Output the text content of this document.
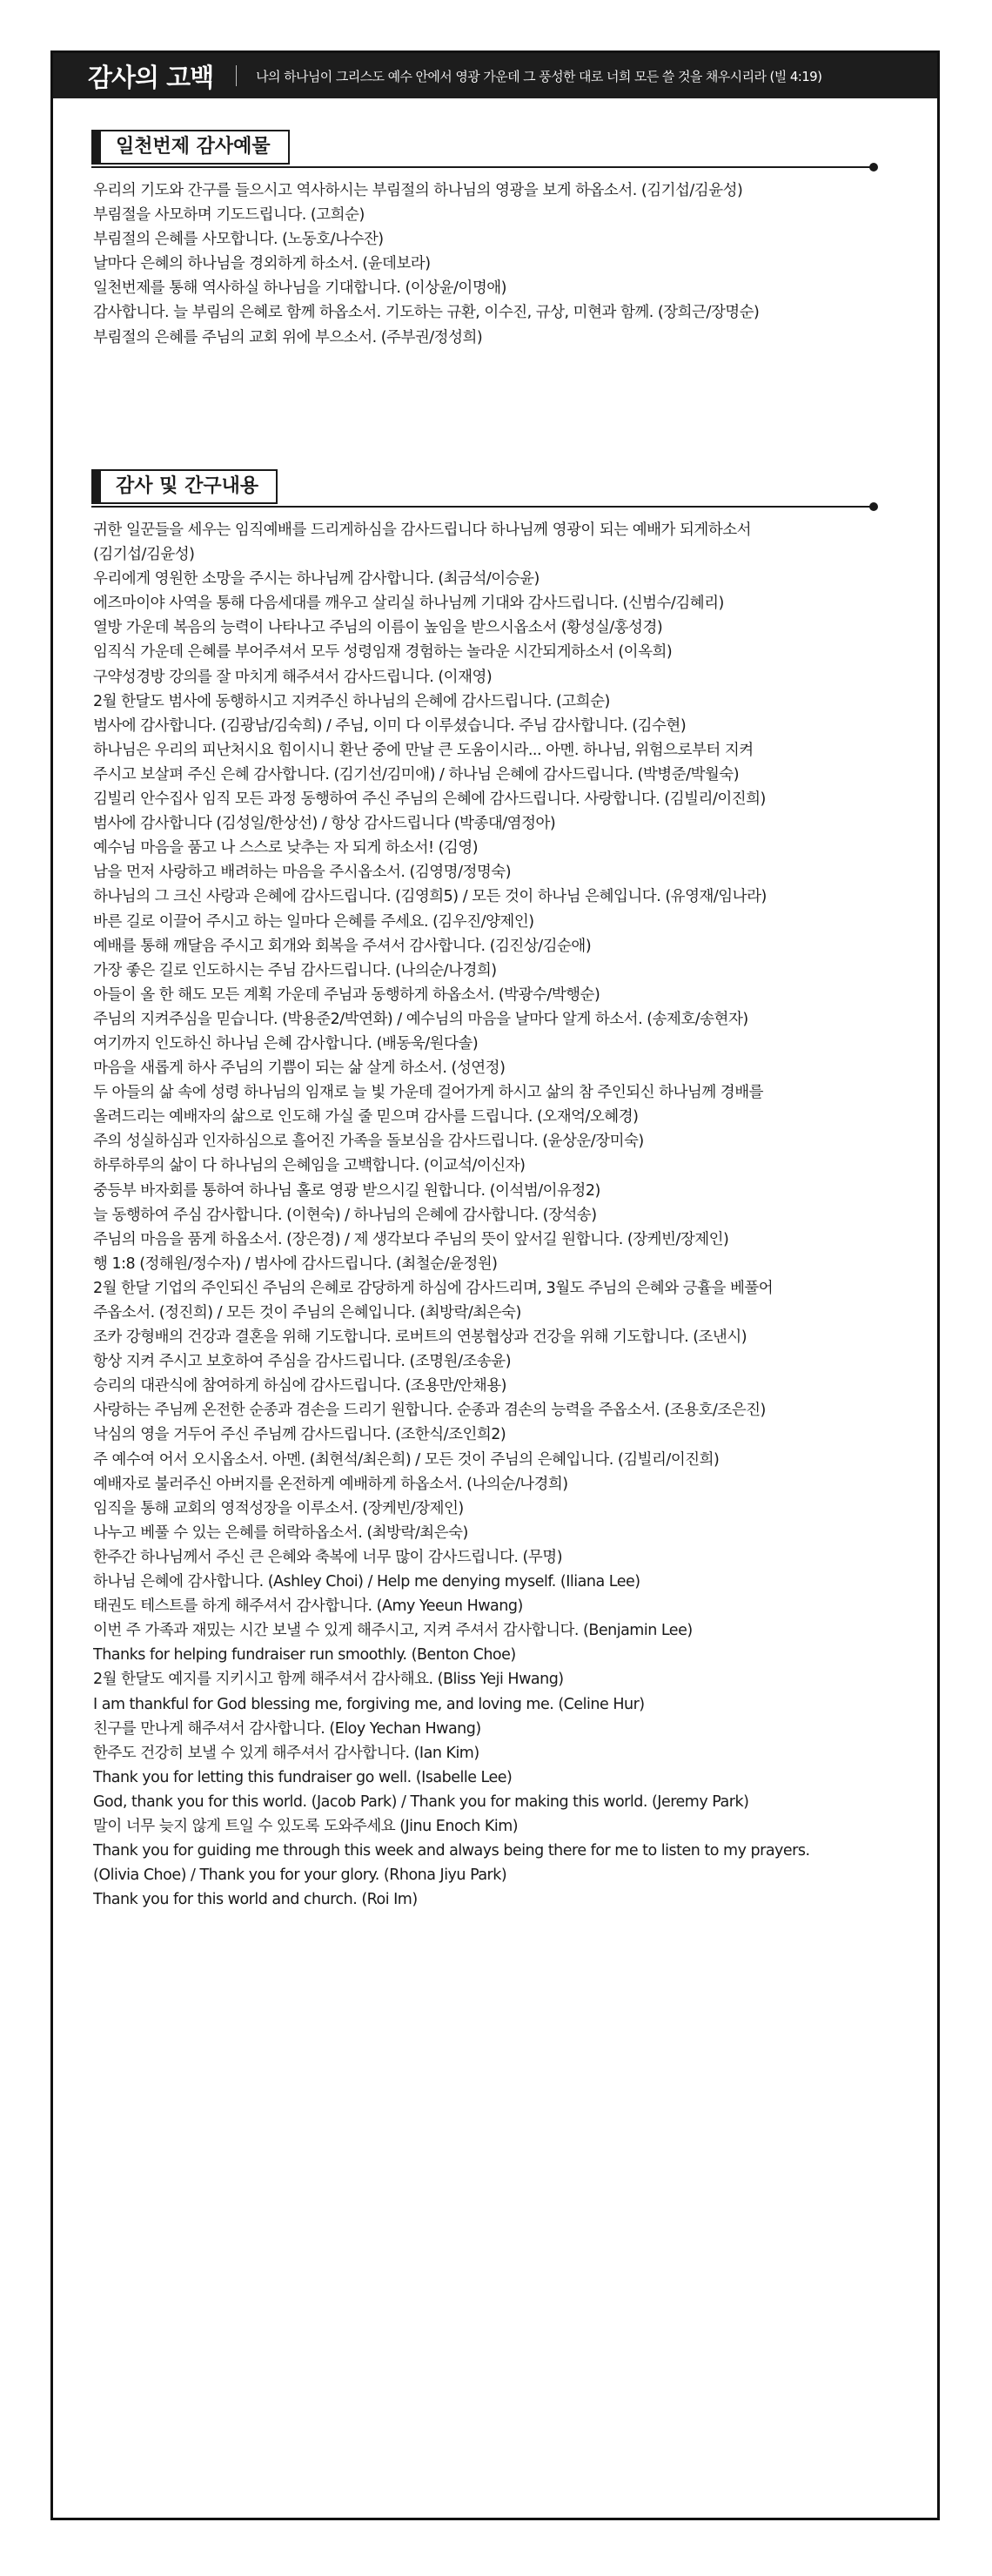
감사의 고백	나의 하나님이 그리스도 예수 안에서 영광 가운데 그 풍성한 대로 너희 모든 쓸 것을 채우시리라 (빌 4:19)
일천번제 감사예물
우리의 기도와 간구를 들으시고 역사하시는 부림절의 하나님의 영광을 보게 하옵소서. (김기섭/김윤성)
부림절을 사모하며 기도드립니다. (고희순)
부림절의 은혜를 사모합니다. (노동호/나수잔)
날마다 은혜의 하나님을 경외하게 하소서. (윤데보라)
일천번제를 통해 역사하실 하나님을 기대합니다. (이상윤/이명애)
감사합니다. 늘 부림의 은혜로 함께 하옵소서. 기도하는 규환, 이수진, 규상, 미현과 함께. (장희근/장명순)
부림절의 은혜를 주님의 교회 위에 부으소서. (주부권/정성희)
감사 및 간구내용
귀한 일꾼들을 세우는 임직예배를 드리게하심을 감사드립니다 하나님께 영광이 되는 예배가 되게하소서
(김기섭/김윤성)
우리에게 영원한 소망을 주시는 하나님께 감사합니다. (최금석/이승윤)
에즈마이야 사역을 통해 다음세대를 깨우고 살리실 하나님께 기대와 감사드립니다. (신범수/김혜리)
열방 가운데 복음의 능력이 나타나고 주님의 이름이 높임을 받으시옵소서 (황성실/홍성경)
임직식 가운데 은혜를 부어주셔서 모두 성령임재 경험하는 놀라운 시간되게하소서 (이옥희)
구약성경방 강의를 잘 마치게 해주셔서 감사드립니다. (이재영)
2월 한달도 범사에 동행하시고 지켜주신 하나님의 은혜에 감사드립니다. (고희순)
범사에 감사합니다. (김광남/김숙희) / 주님, 이미 다 이루셨습니다. 주님 감사합니다. (김수현)
하나님은 우리의 피난처시요 힘이시니 환난 중에 만날 큰 도움이시라... 아멘. 하나님, 위험으로부터 지켜
주시고 보살펴 주신 은혜 감사합니다. (김기선/김미애) / 하나님 은혜에 감사드립니다. (박병준/박월숙)
김빌리 안수집사 임직 모든 과정 동행하여 주신 주님의 은혜에 감사드립니다. 사랑합니다. (김빌리/이진희)
범사에 감사합니다 (김성일/한상선) / 항상 감사드립니다 (박종대/염정아)
예수님 마음을 품고 나 스스로 낮추는 자 되게 하소서! (김영)
남을 먼저 사랑하고 배려하는 마음을 주시옵소서. (김영명/정명숙)
하나님의 그 크신 사랑과 은혜에 감사드립니다. (김영희5) / 모든 것이 하나님 은혜입니다. (유영재/임나라)
바른 길로 이끌어 주시고 하는 일마다 은혜를 주세요. (김우진/양제인)
예배를 통해 깨달음 주시고 회개와 회복을 주셔서 감사합니다. (김진상/김순애)
가장 좋은 길로 인도하시는 주님 감사드립니다. (나의순/나경희)
아들이 올 한 해도 모든 계획 가운데 주님과 동행하게 하옵소서. (박광수/박행순)
주님의 지켜주심을 믿습니다. (박용준2/박연화) / 예수님의 마음을 날마다 알게 하소서. (송제호/송현자)
여기까지 인도하신 하나님 은혜 감사합니다. (배동욱/원다솔)
마음을 새롭게 하사 주님의 기쁨이 되는 삶 살게 하소서. (성연정)
두 아들의 삶 속에 성령 하나님의 임재로 늘 빛 가운데 걸어가게 하시고 삶의 참 주인되신 하나님께 경배를
올려드리는 예배자의 삶으로 인도해 가실 줄 믿으며 감사를 드립니다. (오재억/오혜경)
주의 성실하심과 인자하심으로 흘어진 가족을 돌보심을 감사드립니다. (윤상운/장미숙)
하루하루의 삶이 다 하나님의 은혜임을 고백합니다. (이교석/이신자)
중등부 바자회를 통하여 하나님 홀로 영광 받으시길 원합니다. (이석범/이유정2)
늘 동행하여 주심 감사합니다. (이현숙) / 하나님의 은혜에 감사합니다. (장석송)
주님의 마음을 품게 하옵소서. (장은경) / 제 생각보다 주님의 뜻이 앞서길 원합니다. (장케빈/장제인)
행 1:8 (정해원/정수자) / 범사에 감사드립니다. (최철순/윤정원)
2월 한달 기업의 주인되신 주님의 은혜로 감당하게 하심에 감사드리며, 3월도 주님의 은혜와 긍휼을 베풀어
주옵소서. (정진희) / 모든 것이 주님의 은혜입니다. (최방락/최은숙)
조카 강형배의 건강과 결혼을 위해 기도합니다. 로버트의 연봉협상과 건강을 위해 기도합니다. (조낸시)
항상 지켜 주시고 보호하여 주심을 감사드립니다. (조명원/조송윤)
승리의 대관식에 참여하게 하심에 감사드립니다. (조용만/안채용)
사랑하는 주님께 온전한 순종과 겸손을 드리기 원합니다. 순종과 겸손의 능력을 주옵소서. (조용호/조은진)
낙심의 영을 거두어 주신 주님께 감사드립니다. (조한식/조인희2)
주 예수여 어서 오시옵소서. 아멘. (최현석/최은희) / 모든 것이 주님의 은혜입니다. (김빌리/이진희)
예배자로 불러주신 아버지를 온전하게 예배하게 하옵소서. (나의순/나경희)
임직을 통해 교회의 영적성장을 이루소서. (장케빈/장제인)
나누고 베풀 수 있는 은혜를 허락하옵소서. (최방락/최은숙)
한주간 하나님께서 주신 큰 은혜와 축복에 너무 많이 감사드립니다. (무명)
하나님 은혜에 감사합니다. (Ashley Choi) / Help me denying myself. (Iliana Lee)
태권도 테스트를 하게 해주셔서 감사합니다. (Amy Yeeun Hwang)
이번 주 가족과 재밌는 시간 보낼 수 있게 해주시고, 지켜 주셔서 감사합니다. (Benjamin Lee)
Thanks for helping fundraiser run smoothly. (Benton Choe)
2월 한달도 예지를 지키시고 함께 해주셔서 감사해요. (Bliss Yeji Hwang)
I am thankful for God blessing me, forgiving me, and loving me. (Celine Hur)
친구를 만나게 해주셔서 감사합니다. (Eloy Yechan Hwang)
한주도 건강히 보낼 수 있게 해주셔서 감사합니다. (Ian Kim)
Thank you for letting this fundraiser go well. (Isabelle Lee)
God, thank you for this world. (Jacob Park) / Thank you for making this world. (Jeremy Park)
말이 너무 늦지 않게 트일 수 있도록 도와주세요 (Jinu Enoch Kim)
Thank you for guiding me through this week and always being there for me to listen to my prayers.
(Olivia Choe) / Thank you for your glory. (Rhona Jiyu Park)
Thank you for this world and church. (Roi Im)
